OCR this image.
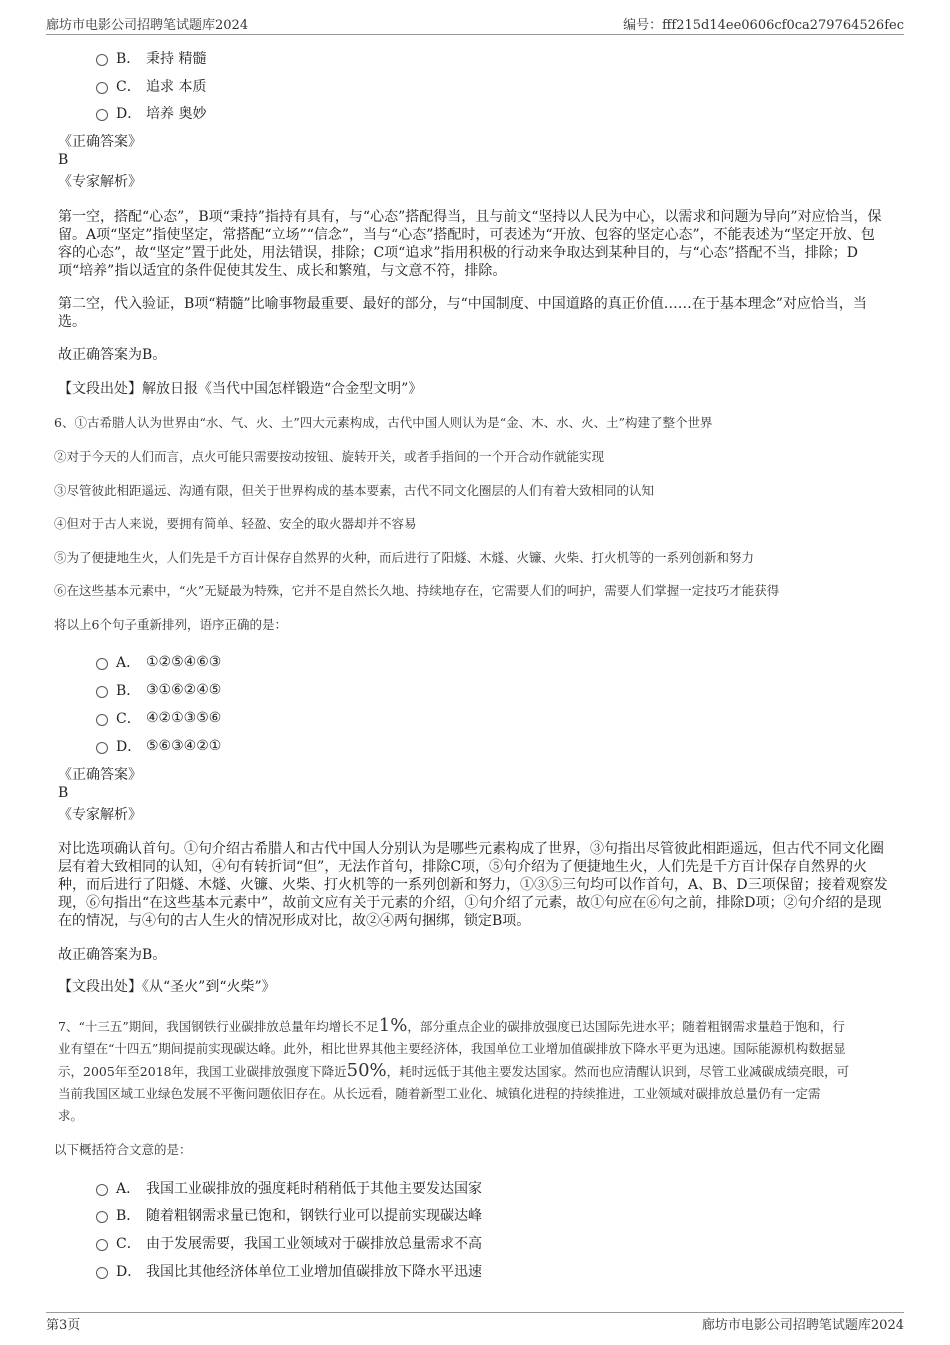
廊坊市电影公司招聘笔试题库2024	编号：fff215d14ee0606cf0ca279764526fec
B． 秉持 精髓
C． 追求 本质
D． 培养 奥妙
《正确答案》
B
《专家解析》
第一空，搭配“心态”，B项“秉持”指持有具有，与“心态”搭配得当，且与前文“坚持以人民为中心，以需求和问题为导向”对应恰当，保留。A项“坚定”指使坚定，常搭配“立场”“信念”，当与“心态”搭配时，可表述为“开放、包容的坚定心态”，不能表述为“坚定开放、包容的心态”，故“坚定”置于此处，用法错误，排除；C项“追求”指用积极的行动来争取达到某种目的，与“心态”搭配不当，排除；D项“培养”指以适宜的条件促使其发生、成长和繁殖，与文意不符，排除。
第二空，代入验证，B项“精髓”比喻事物最重要、最好的部分，与“中国制度、中国道路的真正价值……在于基本理念”对应恰当，当选。
故正确答案为B。
【文段出处】解放日报《当代中国怎样锻造“合金型文明”》
6、①古希腊人认为世界由“水、气、火、土”四大元素构成，古代中国人则认为是“金、木、水、火、土”构建了整个世界
②对于今天的人们而言，点火可能只需要按动按钮、旋转开关，或者手指间的一个开合动作就能实现
③尽管彼此相距遥远、沟通有限，但关于世界构成的基本要素，古代不同文化圈层的人们有着大致相同的认知
④但对于古人来说，要拥有简单、轻盈、安全的取火器却并不容易
⑤为了便捷地生火，人们先是千方百计保存自然界的火种，而后进行了阳燧、木燧、火镰、火柴、打火机等的一系列创新和努力
⑥在这些基本元素中，“火”无疑最为特殊，它并不是自然长久地、持续地存在，它需要人们的呵护，需要人们掌握一定技巧才能获得
将以上6个句子重新排列，语序正确的是：
A． ①②⑤④⑥③
B． ③①⑥②④⑤
C． ④②①③⑤⑥
D． ⑤⑥③④②①
《正确答案》
B
《专家解析》
对比选项确认首句。①句介绍古希腊人和古代中国人分别认为是哪些元素构成了世界，③句指出尽管彼此相距遥远，但古代不同文化圈层有着大致相同的认知，④句有转折词“但”，无法作首句，排除C项，⑤句介绍为了便捷地生火，人们先是千方百计保存自然界的火种，而后进行了阳燧、木燧、火镰、火柴、打火机等的一系列创新和努力，①③⑤三句均可以作首句，A、B、D三项保留；接着观察发现，⑥句指出“在这些基本元素中”，故前文应有关于元素的介绍，①句介绍了元素，故①句应在⑥句之前，排除D项；②句介绍的是现在的情况，与④句的古人生火的情况形成对比，故②④两句捆绑，锁定B项。
故正确答案为B。
【文段出处】《从“圣火”到“火柴”》
7、“十三五”期间，我国钢铁行业碳排放总量年均增长不足1%，部分重点企业的碳排放强度已达国际先进水平；随着粗钢需求量趋于饱和，行
业有望在“十四五”期间提前实现碳达峰。此外，相比世界其他主要经济体，我国单位工业增加值碳排放下降水平更为迅速。国际能源机构数据显
示，2005年至2018年，我国工业碳排放强度下降近50%，耗时远低于其他主要发达国家。然而也应清醒认识到，尽管工业减碳成绩亮眼，可
当前我国区域工业绿色发展不平衡问题依旧存在。从长远看，随着新型工业化、城镇化进程的持续推进，工业领域对碳排放总量仍有一定需
求。
以下概括符合文意的是：
A． 我国工业碳排放的强度耗时稍稍低于其他主要发达国家
B． 随着粗钢需求量已饱和，钢铁行业可以提前实现碳达峰
C． 由于发展需要，我国工业领域对于碳排放总量需求不高
D． 我国比其他经济体单位工业增加值碳排放下降水平迅速
第3页	廊坊市电影公司招聘笔试题库2024
